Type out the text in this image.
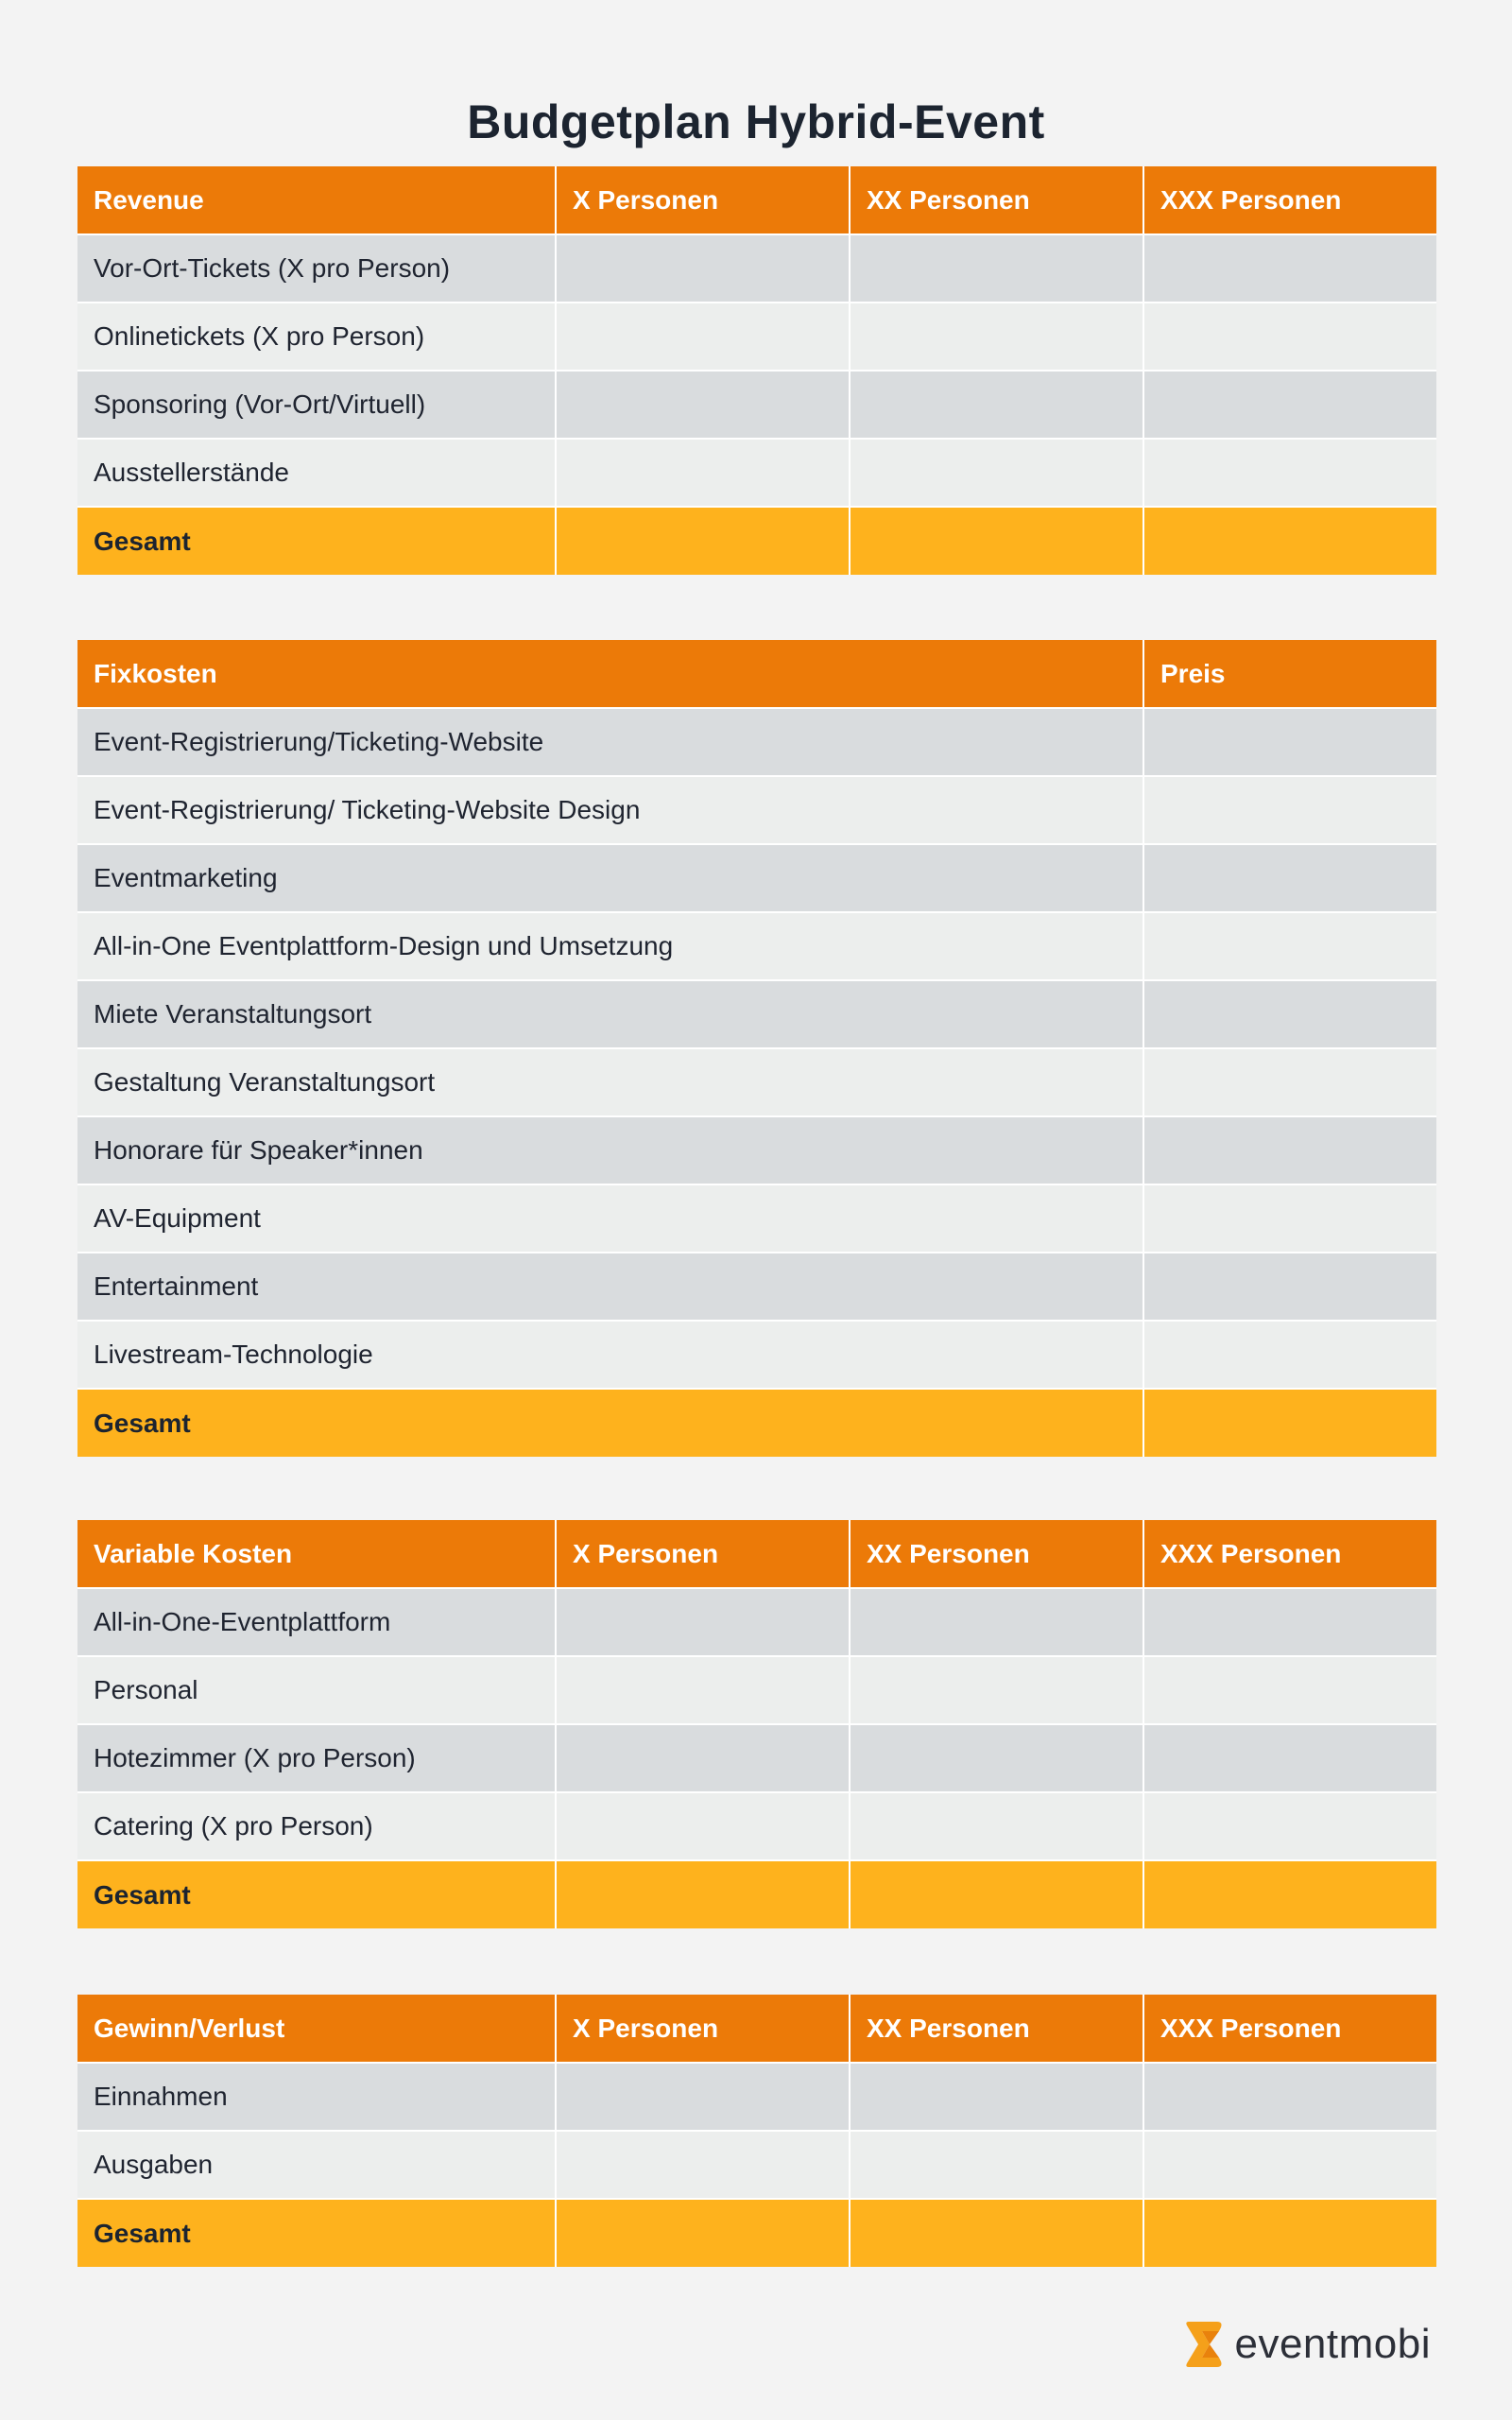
Budgetplan Hybrid-Event
Revenue	X Personen	XX Personen	XXX Personen
Vor-Ort-Tickets (X pro Person)			
Onlinetickets (X pro Person)			
Sponsoring (Vor-Ort/Virtuell)			
Ausstellerstände			
Gesamt			
Fixkosten	Preis
Event-Registrierung/Ticketing-Website	
Event-Registrierung/ Ticketing-Website Design	
Eventmarketing	
All-in-One Eventplattform-Design und Umsetzung	
Miete Veranstaltungsort	
Gestaltung Veranstaltungsort	
Honorare für Speaker*innen	
AV-Equipment	
Entertainment	
Livestream-Technologie	
Gesamt	
Variable Kosten	X Personen	XX Personen	XXX Personen
All-in-One-Eventplattform			
Personal			
Hotezimmer (X pro Person)			
Catering (X pro Person)			
Gesamt			
Gewinn/Verlust	X Personen	XX Personen	XXX Personen
Einnahmen			
Ausgaben			
Gesamt			
eventmobi
